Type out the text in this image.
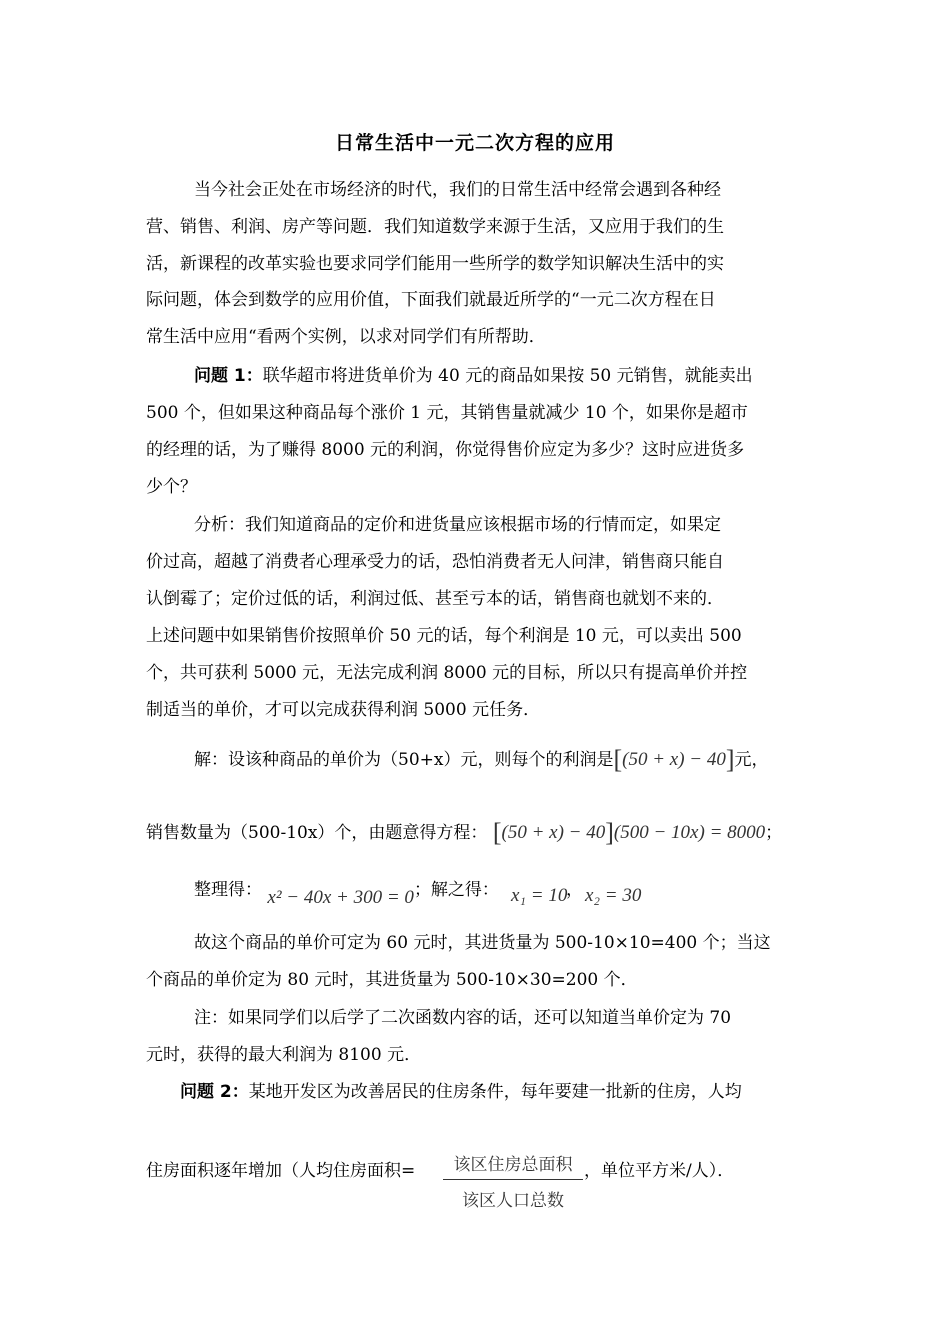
日常生活中一元二次方程的应用
当今社会正处在市场经济的时代，我们的日常生活中经常会遇到各种经
营、销售、利润、房产等问题．我们知道数学来源于生活，又应用于我们的生
活，新课程的改革实验也要求同学们能用一些所学的数学知识解决生活中的实
际问题，体会到数学的应用价值，下面我们就最近所学的“一元二次方程在日
常生活中应用“看两个实例，以求对同学们有所帮助．
问题 1：联华超市将进货单价为 40 元的商品如果按 50 元销售，就能卖出
500 个，但如果这种商品每个涨价 1 元，其销售量就减少 10 个，如果你是超市
的经理的话，为了赚得 8000 元的利润，你觉得售价应定为多少？这时应进货多
少个？
分析：我们知道商品的定价和进货量应该根据市场的行情而定，如果定
价过高，超越了消费者心理承受力的话，恐怕消费者无人问津，销售商只能自
认倒霉了；定价过低的话，利润过低、甚至亏本的话，销售商也就划不来的．
上述问题中如果销售价按照单价 50 元的话，每个利润是 10 元，可以卖出 500
个，共可获利 5000 元，无法完成利润 8000 元的目标，所以只有提高单价并控
制适当的单价，才可以完成获得利润 5000 元任务．
解：设该种商品的单价为（50+x）元，则每个的利润是[(50 + x) − 40]元，
销售数量为（500-10x）个，由题意得方程： [(50 + x) − 40](500 − 10x) = 8000；
整理得： x² − 40x + 300 = 0；解之得： x₁ = 10
， x₂ = 30
故这个商品的单价可定为 60 元时，其进货量为 500-10×10=400 个；当这
个商品的单价定为 80 元时，其进货量为 500-10×30=200 个．
注：如果同学们以后学了二次函数内容的话，还可以知道当单价定为 70
元时，获得的最大利润为 8100 元．
问题 2：某地开发区为改善居民的住房条件，每年要建一批新的住房，人均
住房面积逐年增加（人均住房面积=	该区住房总面积
该区人口总数
，单位平方米/人）．
